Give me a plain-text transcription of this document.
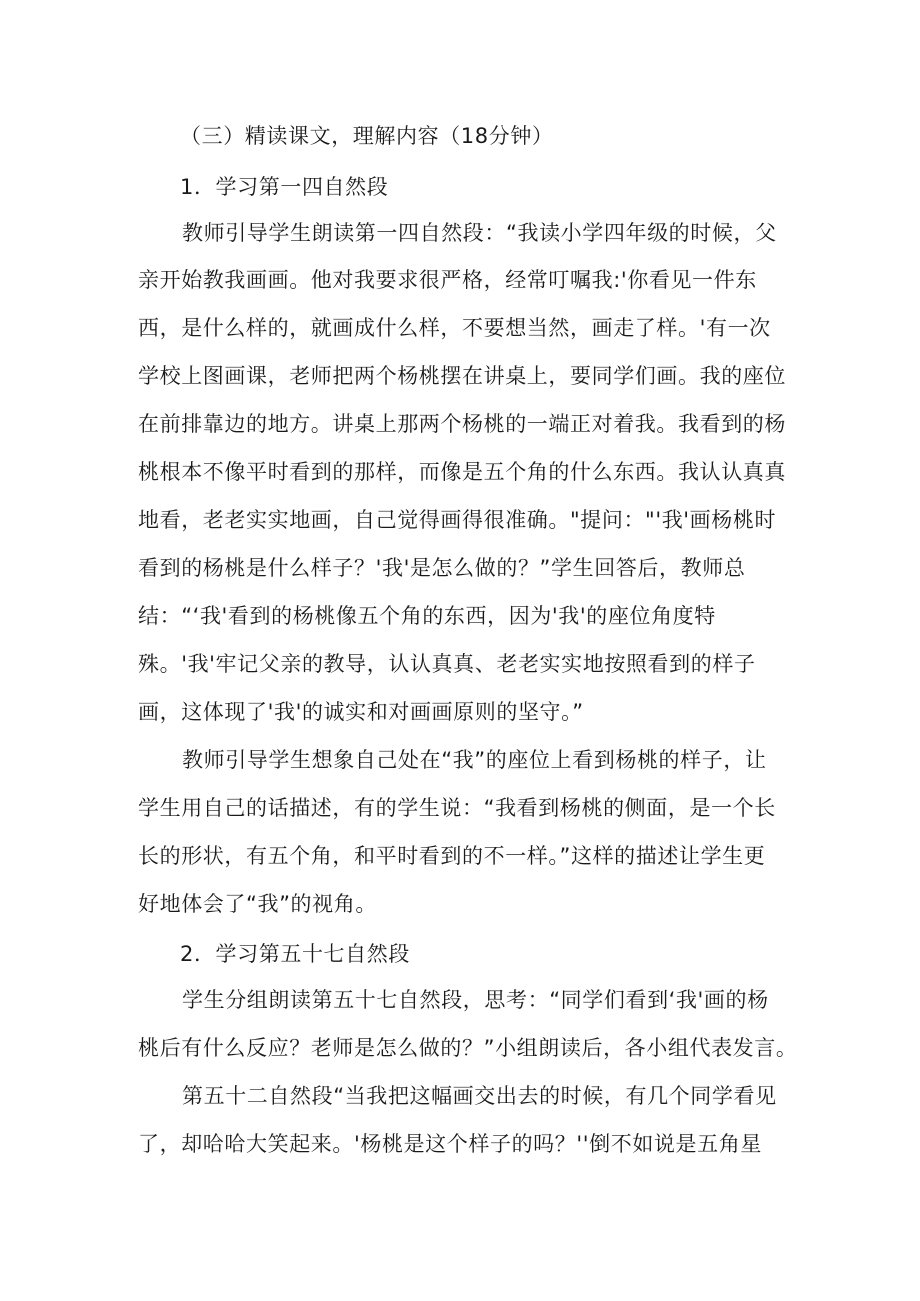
（三）精读课文，理解内容（18分钟）
1．学习第一四自然段
教师引导学生朗读第一四自然段：“我读小学四年级的时候，父
亲开始教我画画。他对我要求很严格，经常叮嘱我:'你看见一件东
西，是什么样的，就画成什么样，不要想当然，画走了样。'有一次
学校上图画课，老师把两个杨桃摆在讲桌上，要同学们画。我的座位
在前排靠边的地方。讲桌上那两个杨桃的一端正对着我。我看到的杨
桃根本不像平时看到的那样，而像是五个角的什么东西。我认认真真
地看，老老实实地画，自己觉得画得很准确。"提问："'我'画杨桃时
看到的杨桃是什么样子？'我'是怎么做的？”学生回答后，教师总
结：“‘我'看到的杨桃像五个角的东西，因为'我'的座位角度特
殊。'我'牢记父亲的教导，认认真真、老老实实地按照看到的样子
画，这体现了'我'的诚实和对画画原则的坚守。”
教师引导学生想象自己处在“我”的座位上看到杨桃的样子，让
学生用自己的话描述，有的学生说：“我看到杨桃的侧面，是一个长
长的形状，有五个角，和平时看到的不一样。”这样的描述让学生更
好地体会了“我”的视角。
2．学习第五十七自然段
学生分组朗读第五十七自然段，思考：“同学们看到‘我'画的杨
桃后有什么反应？老师是怎么做的？”小组朗读后，各小组代表发言。
第五十二自然段“当我把这幅画交出去的时候，有几个同学看见
了，却哈哈大笑起来。'杨桃是这个样子的吗？''倒不如说是五角星
